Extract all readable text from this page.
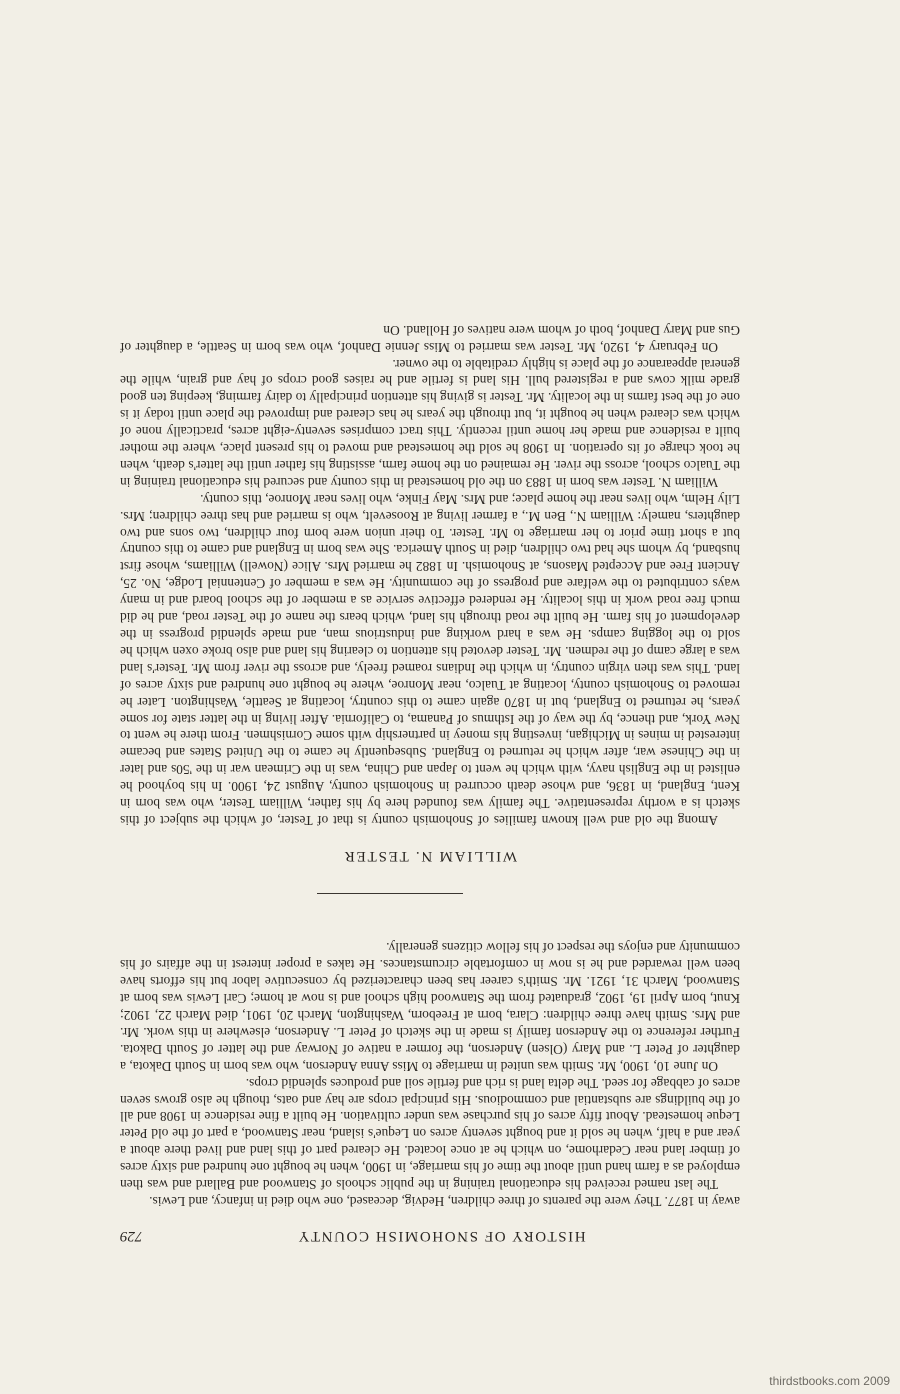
HISTORY OF SNOHOMISH COUNTY
729

away in 1877. They were the parents of three children, Hedvig, deceased, one who died in infancy, and Lewis.

The last named received his educational training in the public schools of Stanwood and Ballard and was then employed as a farm hand until about the time of his marriage, in 1900, when he bought one hundred and sixty acres of timber land near Cedarhome, on which he at once located. He cleared part of this land and lived there about a year and a half, when he sold it and bought seventy acres on Leque's island, near Stanwood, a part of the old Peter Leque homestead. About fifty acres of his purchase was under cultivation. He built a fine residence in 1908 and all of the buildings are substantial and commodious. His principal crops are hay and oats, though he also grows seven acres of cabbage for seed. The delta land is rich and fertile soil and produces splendid crops.

On June 10, 1900, Mr. Smith was united in marriage to Miss Anna Anderson, who was born in South Dakota, a daughter of Peter L. and Mary (Olsen) Anderson, the former a native of Norway and the latter of South Dakota. Further reference to the Anderson family is made in the sketch of Peter L. Anderson, elsewhere in this work. Mr. and Mrs. Smith have three children: Clara, born at Freeborn, Washington, March 20, 1901, died March 22, 1902; Knut, born April 19, 1902, graduated from the Stanwood high school and is now at home; Carl Lewis was born at Stanwood, March 31, 1921. Mr. Smith's career has been characterized by consecutive labor but his efforts have been well rewarded and he is now in comfortable circumstances. He takes a proper interest in the affairs of his community and enjoys the respect of his fellow citizens generally.

WILLIAM N. TESTER

Among the old and well known families of Snohomish county is that of Tester, of which the subject of this sketch is a worthy representative. The family was founded here by his father, William Tester, who was born in Kent, England, in 1836, and whose death occurred in Snohomish county, August 24, 1900. In his boyhood he enlisted in the English navy, with which he went to Japan and China, was in the Crimean war in the '50s and later in the Chinese war, after which he returned to England. Subsequently he came to the United States and became interested in mines in Michigan, investing his money in partnership with some Cornishmen. From there he went to New York, and thence, by the way of the Isthmus of Panama, to California. After living in the latter state for some years, he returned to England, but in 1870 again came to this country, locating at Seattle, Washington. Later he removed to Snohomish county, locating at Tualco, near Monroe, where he bought one hundred and sixty acres of land. This was then virgin country, in which the Indians roamed freely, and across the river from Mr. Tester's land was a large camp of the redmen. Mr. Tester devoted his attention to clearing his land and also broke oxen which he sold to the logging camps. He was a hard working and industrious man, and made splendid progress in the development of his farm. He built the road through his land, which bears the name of the Tester road, and he did much free road work in this locality. He rendered effective service as a member of the school board and in many ways contributed to the welfare and progress of the community. He was a member of Centennial Lodge, No. 25, Ancient Free and Accepted Masons, at Snohomish. In 1882 he married Mrs. Alice (Nowell) Williams, whose first husband, by whom she had two children, died in South America. She was born in England and came to this country but a short time prior to her marriage to Mr. Tester. To their union were born four children, two sons and two daughters, namely: William N., Ben M., a farmer living at Roosevelt, who is married and has three children; Mrs. Lily Helm, who lives near the home place; and Mrs. May Finke, who lives near Monroe, this county.

William N. Tester was born in 1883 on the old homestead in this county and secured his educational training in the Tualco school, across the river. He remained on the home farm, assisting his father until the latter's death, when he took charge of its operation. In 1908 he sold the homestead and moved to his present place, where the mother built a residence and made her home until recently. This tract comprises seventy-eight acres, practically none of which was cleared when he bought it, but through the years he has cleared and improved the place until today it is one of the best farms in the locality. Mr. Tester is giving his attention principally to dairy farming, keeping ten good grade milk cows and a registered bull. His land is fertile and he raises good crops of hay and grain, while the general appearance of the place is highly creditable to the owner.

On February 4, 1920, Mr. Tester was married to Miss Jennie Danhof, who was born in Seattle, a daughter of Gus and Mary Danhof, both of whom were natives of Holland. On

thirdstbooks.com 2009
